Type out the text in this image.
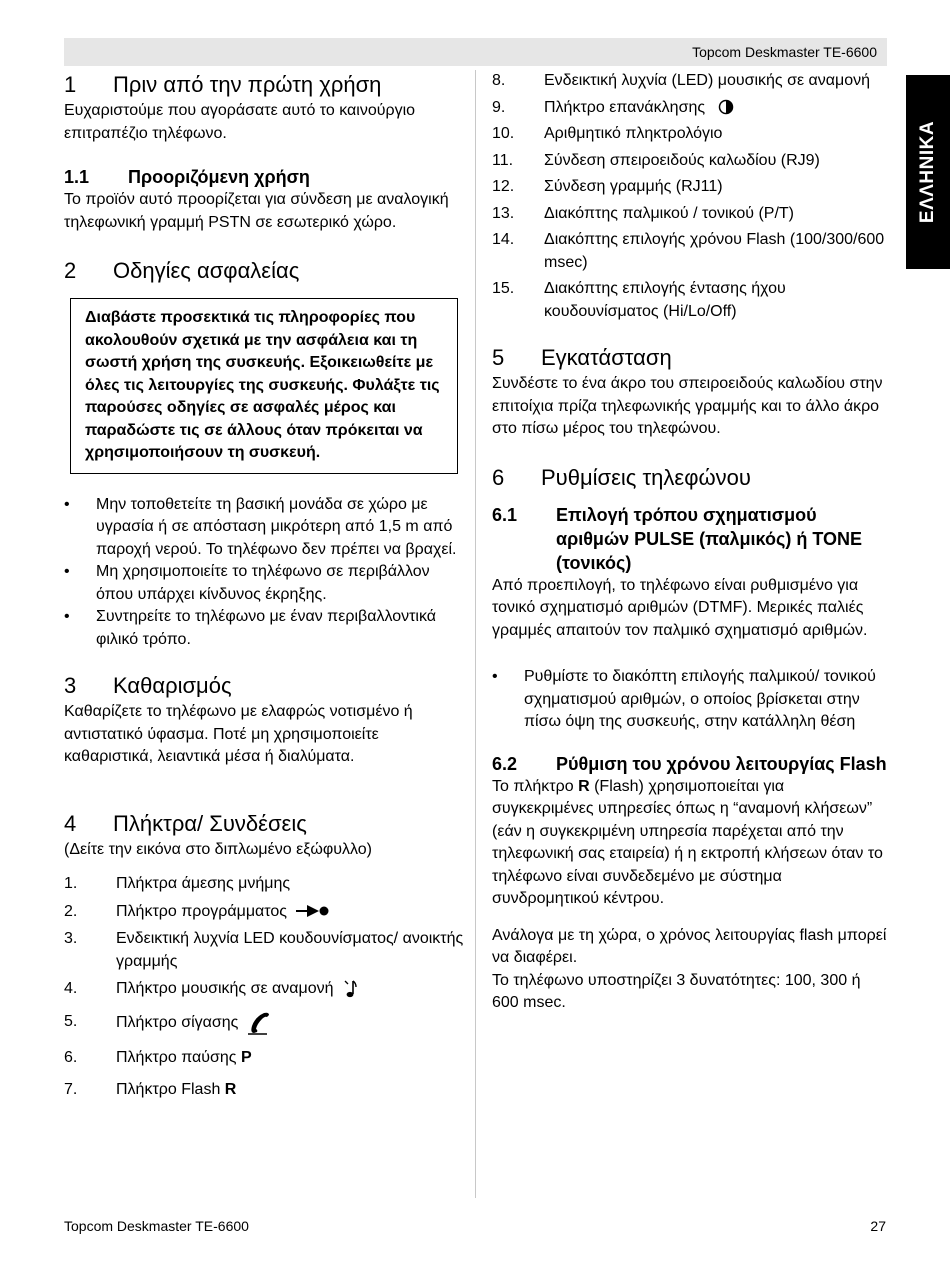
Topcom Deskmaster TE-6600
ΕΛΛΗΝΙΚΑ
1 Πριν από την πρώτη χρήση

Ευχαριστούμε που αγοράσατε αυτό το καινούργιο επιτραπέζιο τηλέφωνο.

1.1 Προοριζόμενη χρήση

Το προϊόν αυτό προορίζεται για σύνδεση με αναλογική τηλεφωνική γραμμή PSTN σε εσωτερικό χώρο.

2 Οδηγίες ασφαλείας

Διαβάστε προσεκτικά τις πληροφορίες που ακολουθούν σχετικά με την ασφάλεια και τη σωστή χρήση της συσκευής. Εξοικειωθείτε με όλες τις λειτουργίες της συσκευής. Φυλάξτε τις παρούσες οδηγίες σε ασφαλές μέρος και παραδώστε τις σε άλλους όταν πρόκειται να χρησιμοποιήσουν τη συσκευή.

•	Μην τοποθετείτε τη βασική μονάδα σε χώρο με υγρασία ή σε απόσταση μικρότερη από 1,5 m από παροχή νερού. Το τηλέφωνο δεν πρέπει να βραχεί.
•	Μη χρησιμοποιείτε το τηλέφωνο σε περιβάλλον όπου υπάρχει κίνδυνος έκρηξης.
•	Συντηρείτε το τηλέφωνο με έναν περιβαλλοντικά φιλικό τρόπο.
3 Καθαρισμός

Καθαρίζετε το τηλέφωνο με ελαφρώς νοτισμένο ή αντιστατικό ύφασμα. Ποτέ μη χρησιμοποιείτε καθαριστικά, λειαντικά μέσα ή διαλύματα.

4 Πλήκτρα/ Συνδέσεις

(Δείτε την εικόνα στο διπλωμένο εξώφυλλο)

1.	Πλήκτρα άμεσης μνήμης
2.	Πλήκτρο προγράμματος
3.	Ενδεικτική λυχνία LED κουδουνίσματος/ ανοικτής γραμμής
4.	Πλήκτρο μουσικής σε αναμονή
5.	Πλήκτρο σίγασης
6.	Πλήκτρο παύσης P
7.	Πλήκτρο Flash R
8.	Ενδεικτική λυχνία (LED) μουσικής σε αναμονή
9.	Πλήκτρο επανάκλησης
10.	Αριθμητικό πληκτρολόγιο
11.	Σύνδεση σπειροειδούς καλωδίου (RJ9)
12.	Σύνδεση γραμμής (RJ11)
13.	Διακόπτης παλμικού / τονικού (P/T)
14.	Διακόπτης επιλογής χρόνου Flash (100/300/600 msec)
15.	Διακόπτης επιλογής έντασης ήχου κουδουνίσματος (Hi/Lo/Off)
5 Εγκατάσταση

Συνδέστε το ένα άκρο του σπειροειδούς καλωδίου στην επιτοίχια πρίζα τηλεφωνικής γραμμής και το άλλο άκρο στο πίσω μέρος του τηλεφώνου.

6 Ρυθμίσεις τηλεφώνου
6.1	Επιλογή τρόπου σχηματισμού αριθμών PULSE (παλμικός) ή TONE (τονικός)

Από προεπιλογή, το τηλέφωνο είναι ρυθμισμένο για τονικό σχηματισμό αριθμών (DTMF). Μερικές παλιές γραμμές απαιτούν τον παλμικό σχηματισμό αριθμών.

•	Ρυθμίστε το διακόπτη επιλογής παλμικού/ τονικού σχηματισμού αριθμών, ο οποίος βρίσκεται στην πίσω όψη της συσκευής, στην κατάλληλη θέση
6.2	Ρύθμιση του χρόνου λειτουργίας Flash

Το πλήκτρο R (Flash) χρησιμοποιείται για συγκεκριμένες υπηρεσίες όπως η “αναμονή κλήσεων” (εάν η συγκεκριμένη υπηρεσία παρέχεται από την τηλεφωνική σας εταιρεία) ή η εκτροπή κλήσεων όταν το τηλέφωνο είναι συνδεδεμένο με σύστημα συνδρομητικού κέντρου.

Ανάλογα με τη χώρα, ο χρόνος λειτουργίας flash μπορεί να διαφέρει.

Το τηλέφωνο υποστηρίζει 3 δυνατότητες: 100, 300 ή 600 msec.

Topcom Deskmaster TE-6600	27
